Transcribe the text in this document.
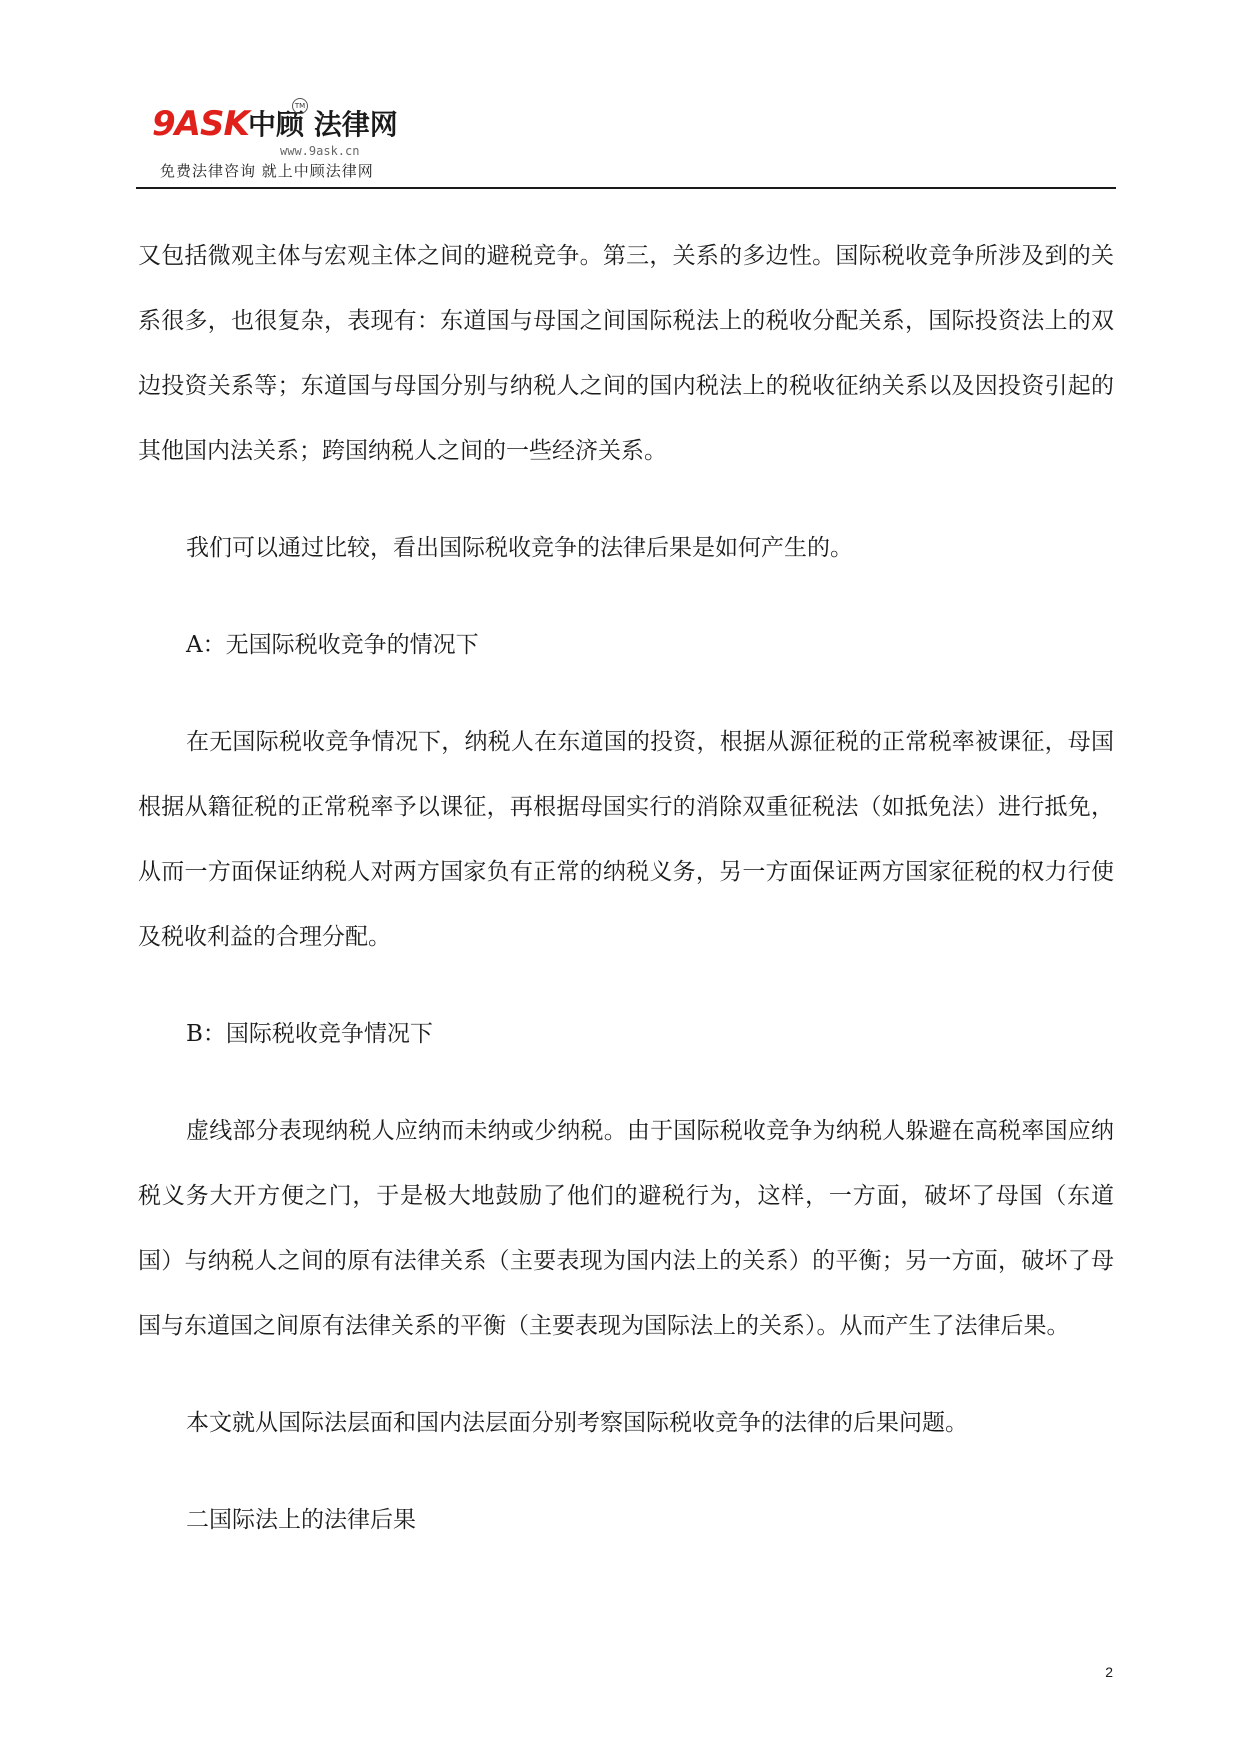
9ASK 中顾 法律网
TM
www.9ask.cn
免费法律咨询 就上中顾法律网

又包括微观主体与宏观主体之间的避税竞争。第三，关系的多边性。国际税收竞争所涉及到的关系很多，也很复杂，表现有：东道国与母国之间国际税法上的税收分配关系，国际投资法上的双边投资关系等；东道国与母国分别与纳税人之间的国内税法上的税收征纳关系以及因投资引起的其他国内法关系；跨国纳税人之间的一些经济关系。

我们可以通过比较，看出国际税收竞争的法律后果是如何产生的。

A：无国际税收竞争的情况下

在无国际税收竞争情况下，纳税人在东道国的投资，根据从源征税的正常税率被课征，母国根据从籍征税的正常税率予以课征，再根据母国实行的消除双重征税法（如抵免法）进行抵免，从而一方面保证纳税人对两方国家负有正常的纳税义务，另一方面保证两方国家征税的权力行使及税收利益的合理分配。

B：国际税收竞争情况下

虚线部分表现纳税人应纳而未纳或少纳税。由于国际税收竞争为纳税人躲避在高税率国应纳税义务大开方便之门，于是极大地鼓励了他们的避税行为，这样，一方面，破坏了母国（东道国）与纳税人之间的原有法律关系（主要表现为国内法上的关系）的平衡；另一方面，破坏了母国与东道国之间原有法律关系的平衡（主要表现为国际法上的关系）。从而产生了法律后果。

本文就从国际法层面和国内法层面分别考察国际税收竞争的法律的后果问题。

二国际法上的法律后果

2
